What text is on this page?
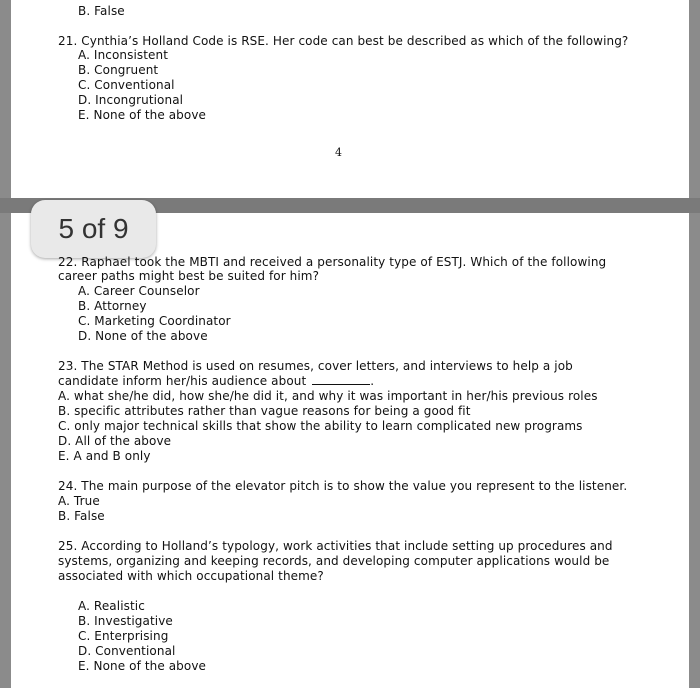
B. False
21. Cynthia’s Holland Code is RSE. Her code can best be described as which of the following?
A. Inconsistent
B. Congruent
C. Conventional
D. Incongrutional
E. None of the above
4
5 of 9
22. Raphael took the MBTI and received a personality type of ESTJ. Which of the following
career paths might best be suited for him?
A. Career Counselor
B. Attorney
C. Marketing Coordinator
D. None of the above
23. The STAR Method is used on resumes, cover letters, and interviews to help a job
candidate inform her/his audience about	.
A. what she/he did, how she/he did it, and why it was important in her/his previous roles
B. specific attributes rather than vague reasons for being a good fit
C. only major technical skills that show the ability to learn complicated new programs
D. All of the above
E. A and B only
24. The main purpose of the elevator pitch is to show the value you represent to the listener.
A. True
B. False
25. According to Holland’s typology, work activities that include setting up procedures and
systems, organizing and keeping records, and developing computer applications would be
associated with which occupational theme?
A. Realistic
B. Investigative
C. Enterprising
D. Conventional
E. None of the above
